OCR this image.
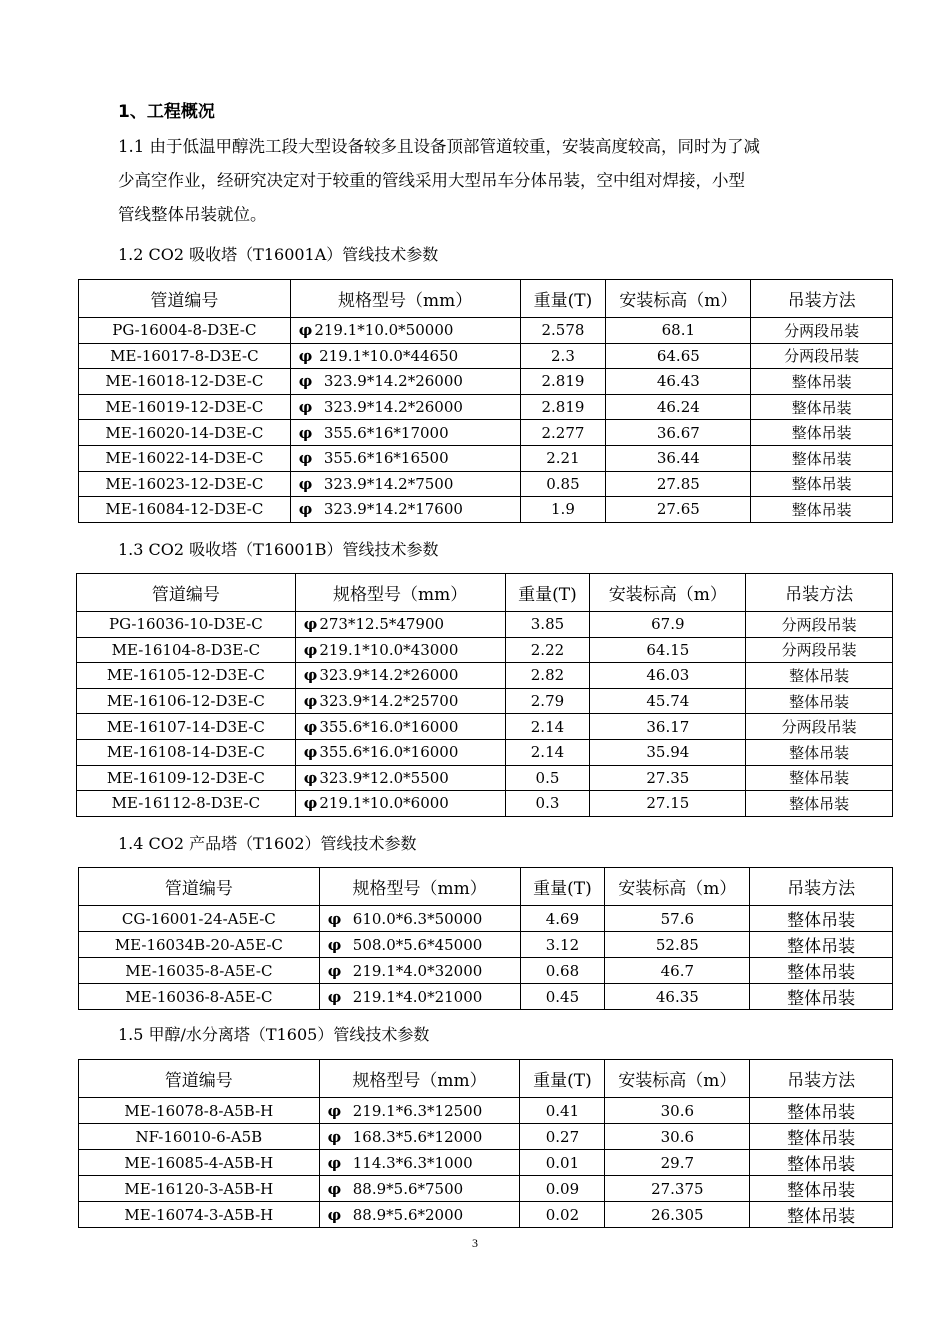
1、工程概况
1.1 由于低温甲醇洗工段大型设备较多且设备顶部管道较重，安装高度较高，同时为了减
少高空作业，经研究决定对于较重的管线采用大型吊车分体吊装，空中组对焊接，小型
管线整体吊装就位。
1.2 CO2 吸收塔（T16001A）管线技术参数
管道编号	规格型号（mm）	重量(T)	安装标高（m）	吊装方法
PG-16004-8-D3E-C	φ 219.1*10.0*50000	2.578	68.1	分两段吊装
ME-16017-8-D3E-C	φ 219.1*10.0*44650	2.3	64.65	分两段吊装
ME-16018-12-D3E-C	φ  323.9*14.2*26000	2.819	46.43	整体吊装
ME-16019-12-D3E-C	φ  323.9*14.2*26000	2.819	46.24	整体吊装
ME-16020-14-D3E-C	φ  355.6*16*17000	2.277	36.67	整体吊装
ME-16022-14-D3E-C	φ  355.6*16*16500	2.21	36.44	整体吊装
ME-16023-12-D3E-C	φ  323.9*14.2*7500	0.85	27.85	整体吊装
ME-16084-12-D3E-C	φ  323.9*14.2*17600	1.9	27.65	整体吊装
1.3 CO2 吸收塔（T16001B）管线技术参数
管道编号	规格型号（mm）	重量(T)	安装标高（m）	吊装方法
PG-16036-10-D3E-C	φ 273*12.5*47900	3.85	67.9	分两段吊装
ME-16104-8-D3E-C	φ 219.1*10.0*43000	2.22	64.15	分两段吊装
ME-16105-12-D3E-C	φ 323.9*14.2*26000	2.82	46.03	整体吊装
ME-16106-12-D3E-C	φ 323.9*14.2*25700	2.79	45.74	整体吊装
ME-16107-14-D3E-C	φ 355.6*16.0*16000	2.14	36.17	分两段吊装
ME-16108-14-D3E-C	φ 355.6*16.0*16000	2.14	35.94	整体吊装
ME-16109-12-D3E-C	φ 323.9*12.0*5500	0.5	27.35	整体吊装
ME-16112-8-D3E-C	φ 219.1*10.0*6000	0.3	27.15	整体吊装
1.4 CO2 产品塔（T1602）管线技术参数
管道编号	规格型号（mm）	重量(T)	安装标高（m）	吊装方法
CG-16001-24-A5E-C	φ  610.0*6.3*50000	4.69	57.6	整体吊装
ME-16034B-20-A5E-C	φ  508.0*5.6*45000	3.12	52.85	整体吊装
ME-16035-8-A5E-C	φ  219.1*4.0*32000	0.68	46.7	整体吊装
ME-16036-8-A5E-C	φ  219.1*4.0*21000	0.45	46.35	整体吊装
1.5 甲醇/水分离塔（T1605）管线技术参数
管道编号	规格型号（mm）	重量(T)	安装标高（m）	吊装方法
ME-16078-8-A5B-H	φ  219.1*6.3*12500	0.41	30.6	整体吊装
NF-16010-6-A5B	φ  168.3*5.6*12000	0.27	30.6	整体吊装
ME-16085-4-A5B-H	φ  114.3*6.3*1000	0.01	29.7	整体吊装
ME-16120-3-A5B-H	φ  88.9*5.6*7500	0.09	27.375	整体吊装
ME-16074-3-A5B-H	φ  88.9*5.6*2000	0.02	26.305	整体吊装
3
